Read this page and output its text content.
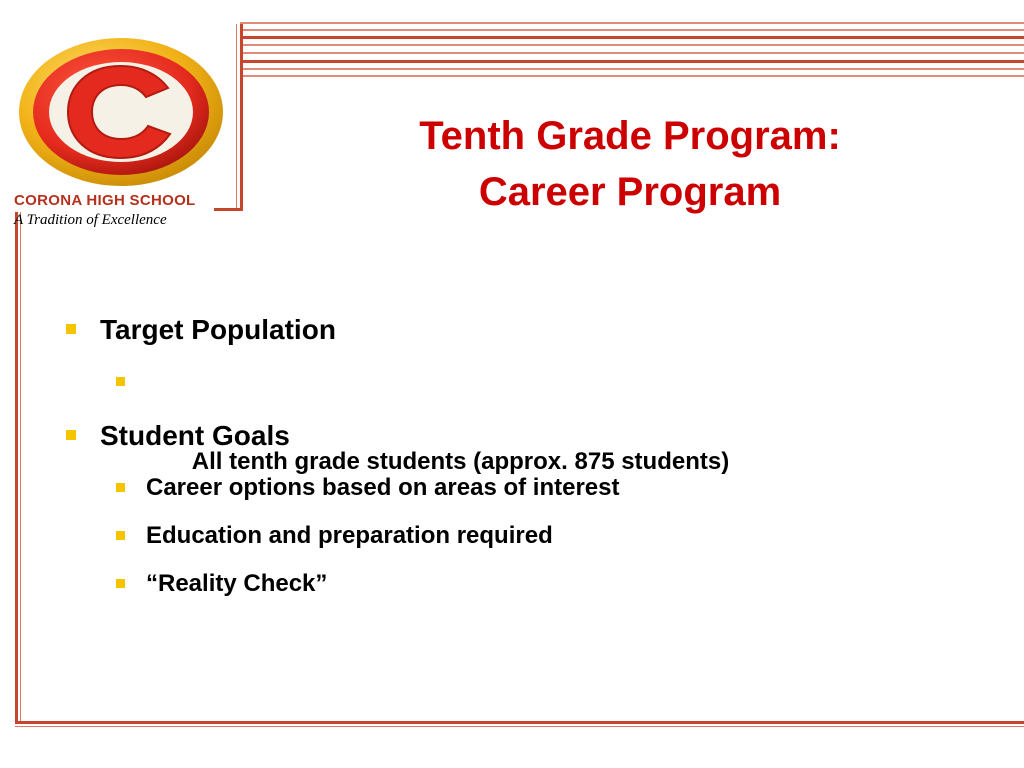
CORONA HIGH SCHOOL
A Tradition of Excellence
Tenth Grade Program:
Career Program
Target Population

All tenth grade students (approx. 875 students)

Student Goals
Career options based on areas of interest
Education and preparation required
“Reality Check”
